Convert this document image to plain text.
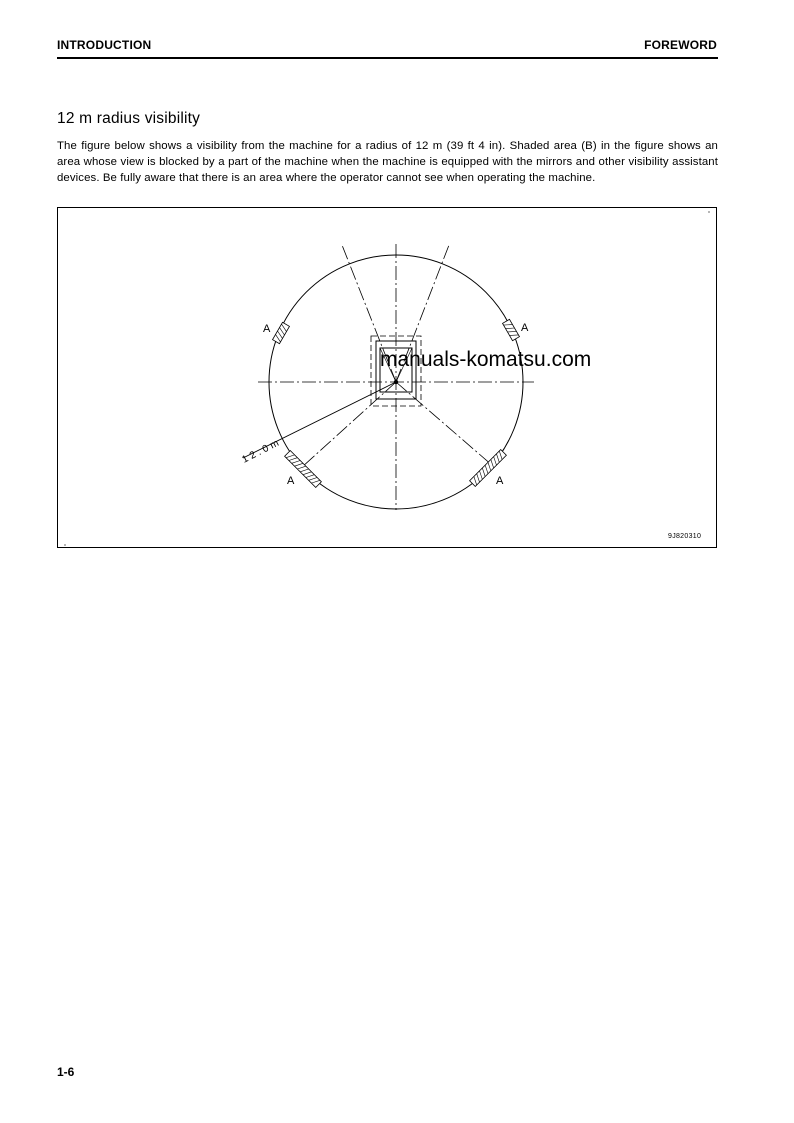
INTRODUCTION	FOREWORD
12 m radius visibility
The figure below shows a visibility from the machine for a radius of 12 m (39 ft 4 in). Shaded area (B) in the figure shows an area whose view is blocked by a part of the machine when the machine is equipped with the mirrors and other visibility assistant devices. Be fully aware that there is an area where the operator cannot see when operating the machine.
12.0m
A	A
A	A
manuals-komatsu.com
9J820310
1-6
